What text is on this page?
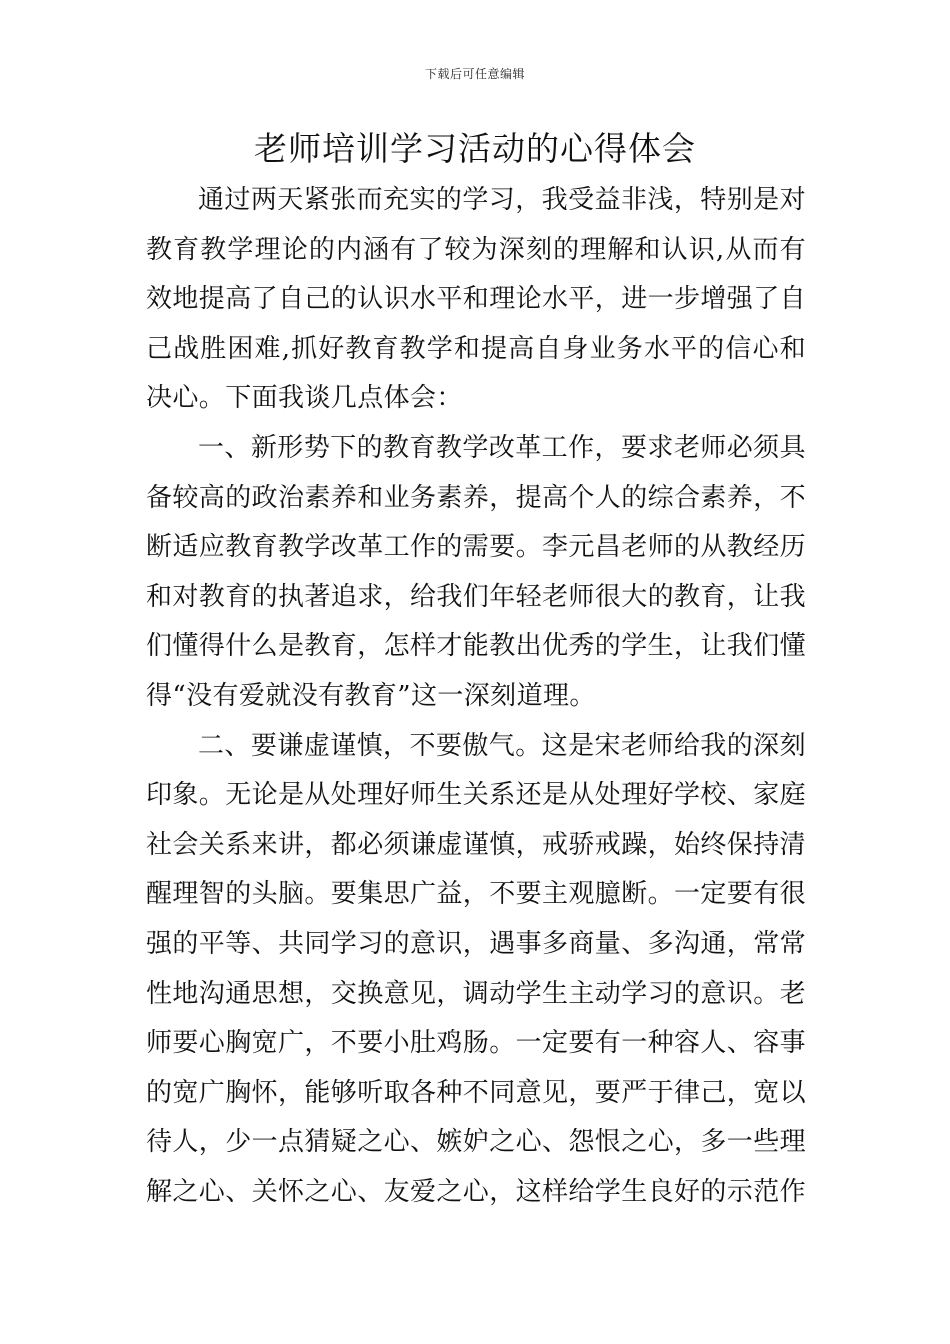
下载后可任意编辑
老师培训学习活动的心得体会

通过两天紧张而充实的学习，我受益非浅，特别是对教育教学理论的内涵有了较为深刻的理解和认识,从而有效地提高了自己的认识水平和理论水平，进一步增强了自己战胜困难,抓好教育教学和提高自身业务水平的信心和决心。下面我谈几点体会：

一、新形势下的教育教学改革工作，要求老师必须具备较高的政治素养和业务素养，提高个人的综合素养，不断适应教育教学改革工作的需要。李元昌老师的从教经历和对教育的执著追求，给我们年轻老师很大的教育，让我们懂得什么是教育，怎样才能教出优秀的学生，让我们懂得“没有爱就没有教育”这一深刻道理。

二、要谦虚谨慎，不要傲气。这是宋老师给我的深刻印象。无论是从处理好师生关系还是从处理好学校、家庭社会关系来讲，都必须谦虚谨慎，戒骄戒躁，始终保持清醒理智的头脑。要集思广益，不要主观臆断。一定要有很强的平等、共同学习的意识，遇事多商量、多沟通，常常性地沟通思想，交换意见，调动学生主动学习的意识。老师要心胸宽广，不要小肚鸡肠。一定要有一种容人、容事的宽广胸怀，能够听取各种不同意见，要严于律己，宽以待人，少一点猜疑之心、嫉妒之心、怨恨之心，多一些理解之心、关怀之心、友爱之心，这样给学生良好的示范作
